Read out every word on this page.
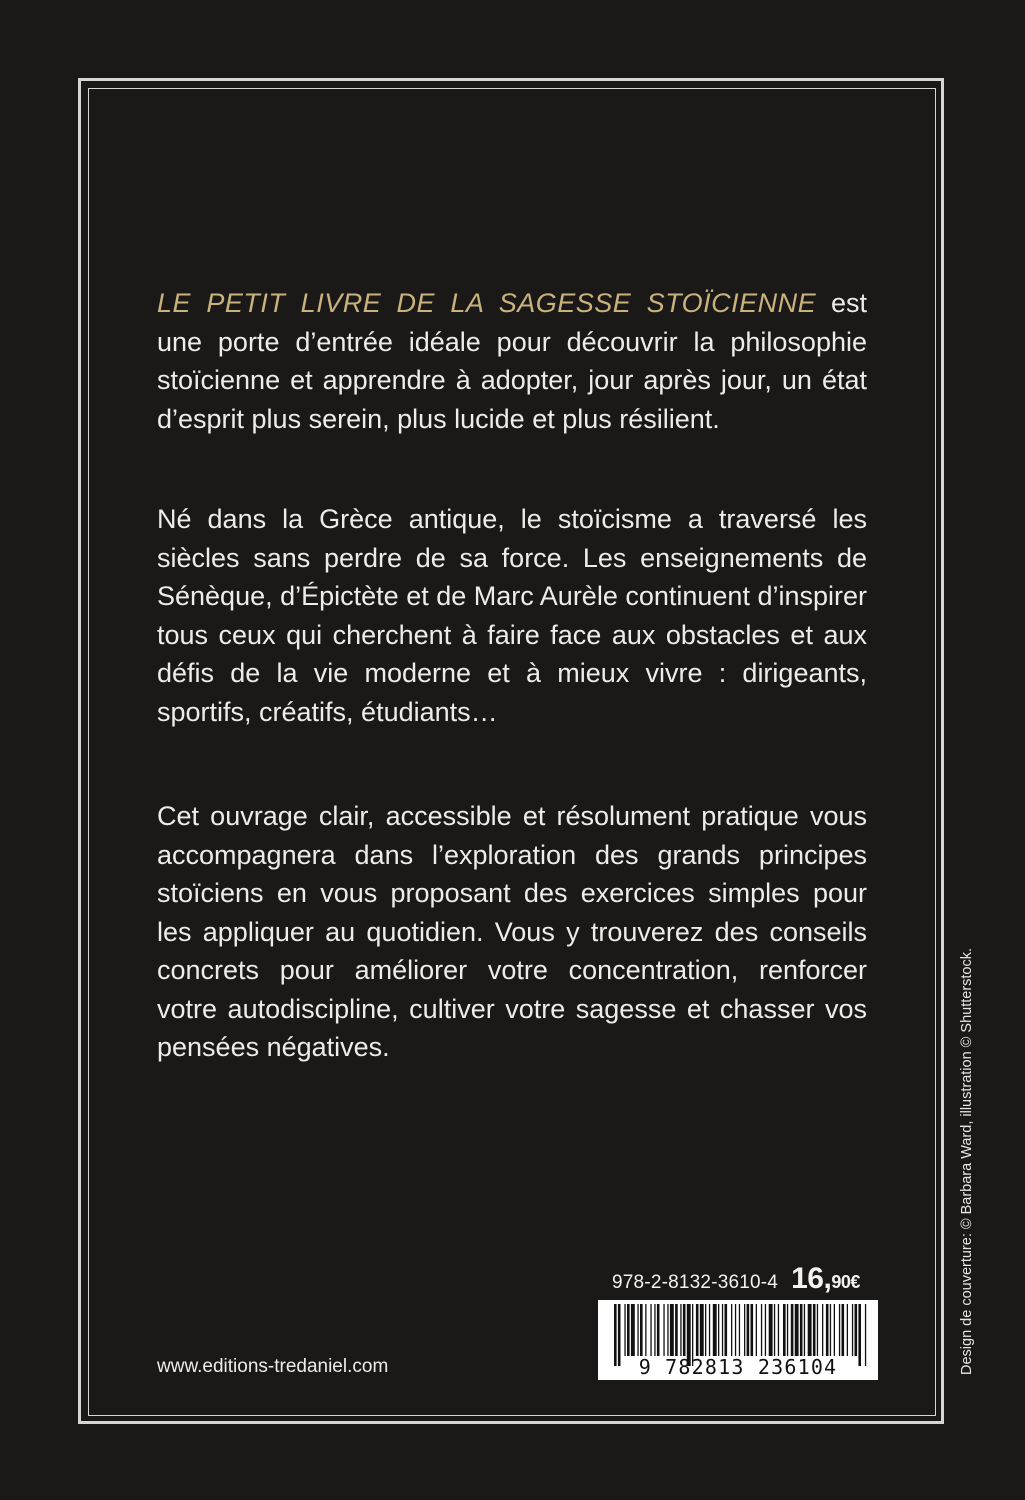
LE PETIT LIVRE DE LA SAGESSE STOÏCIENNE est une porte d’entrée idéale pour découvrir la philosophie stoïcienne et apprendre à adopter, jour après jour, un état d’esprit plus serein, plus lucide et plus résilient.

Né dans la Grèce antique, le stoïcisme a traversé les siècles sans perdre de sa force. Les enseignements de Sénèque, d’Épictète et de Marc Aurèle continuent d’inspirer tous ceux qui cherchent à faire face aux obstacles et aux défis de la vie moderne et à mieux vivre : dirigeants, sportifs, créatifs, étudiants…

Cet ouvrage clair, accessible et résolument pratique vous accompagnera dans l’exploration des grands principes stoïciens en vous proposant des exercices simples pour les appliquer au quotidien. Vous y trouverez des conseils concrets pour améliorer votre concentration, renforcer votre autodiscipline, cultiver votre sagesse et chasser vos pensées négatives.

978-2-8132-3610-4 16,90€
9 782813 236104
www.editions-tredaniel.com	Design de couverture: © Barbara Ward, illustration © Shutterstock.
